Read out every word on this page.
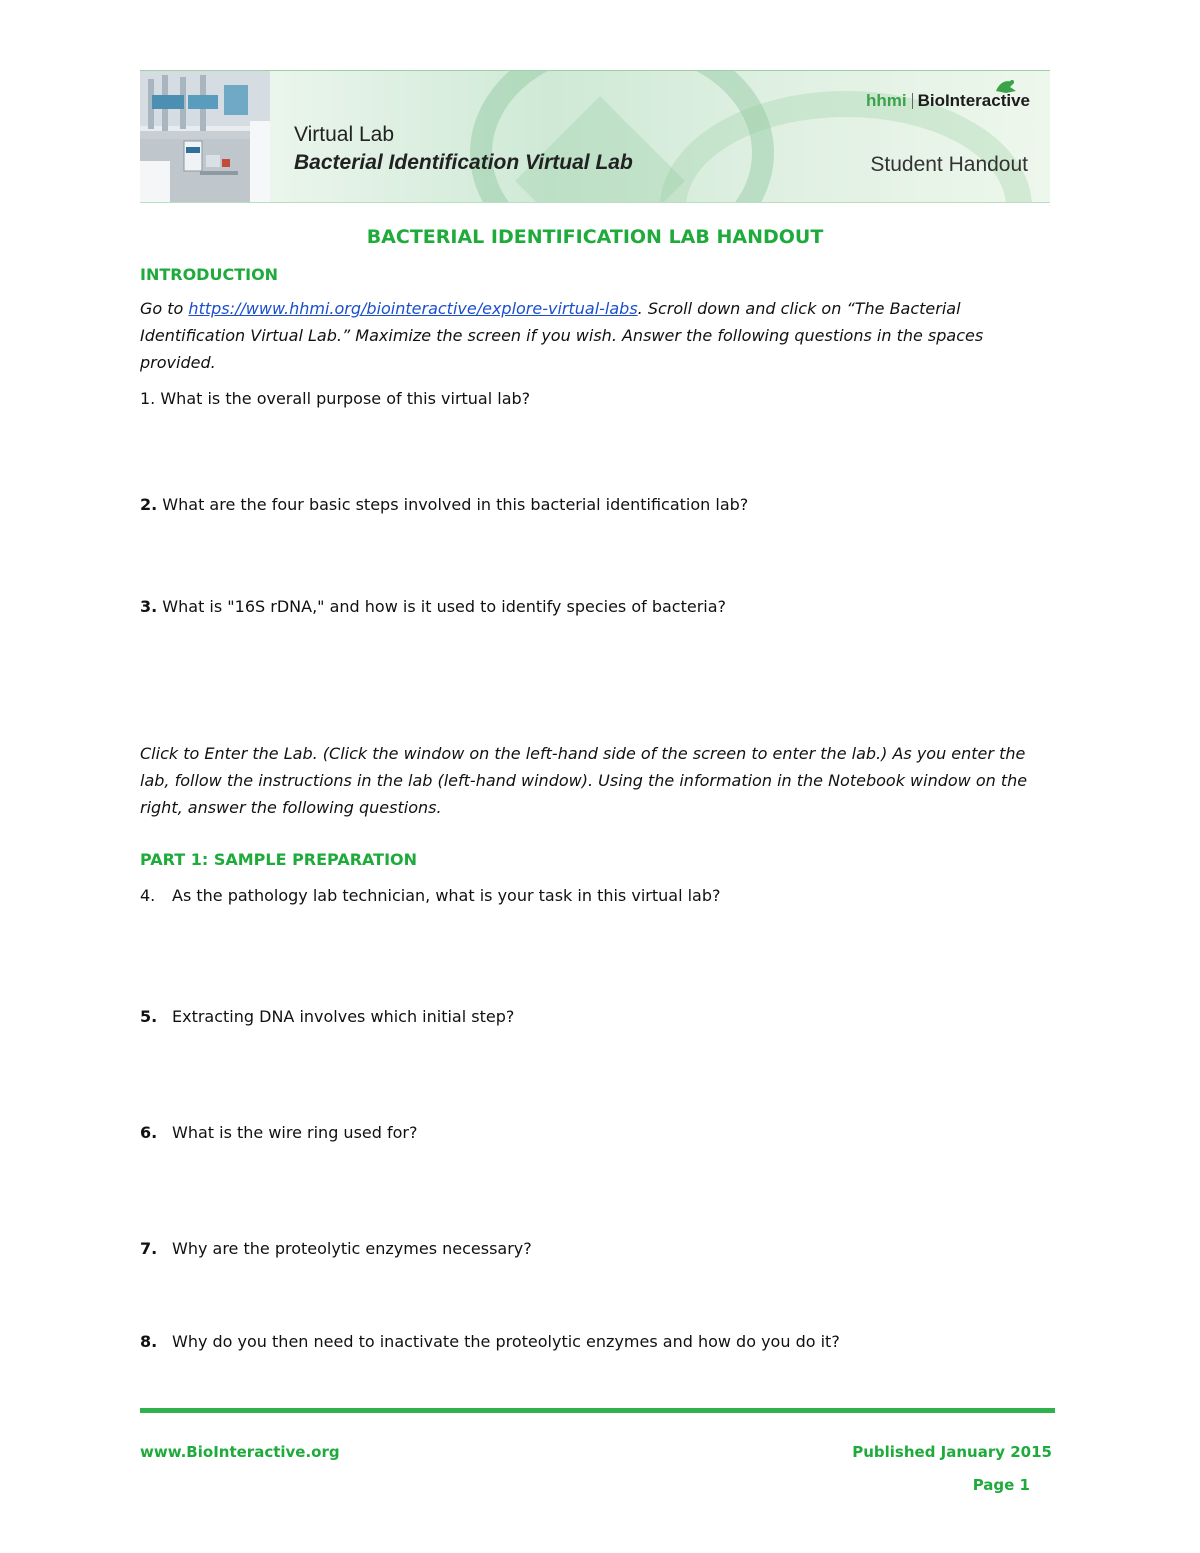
hhmi BioInteractive
Virtual Lab
Bacterial Identification Virtual Lab	Student Handout
BACTERIAL IDENTIFICATION LAB HANDOUT
INTRODUCTION
Go to https://www.hhmi.org/biointeractive/explore-virtual-labs. Scroll down and click on “The Bacterial Identification Virtual Lab.” Maximize the screen if you wish. Answer the following questions in the spaces provided.
1. What is the overall purpose of this virtual lab?
2. What are the four basic steps involved in this bacterial identification lab?
3. What is "16S rDNA," and how is it used to identify species of bacteria?
Click to Enter the Lab. (Click the window on the left-hand side of the screen to enter the lab.) As you enter the lab, follow the instructions in the lab (left-hand window). Using the information in the Notebook window on the right, answer the following questions.
PART 1: SAMPLE PREPARATION
4. As the pathology lab technician, what is your task in this virtual lab?
5. Extracting DNA involves which initial step?
6. What is the wire ring used for?
7. Why are the proteolytic enzymes necessary?
8. Why do you then need to inactivate the proteolytic enzymes and how do you do it?
www.BioInteractive.org	Published January 2015
Page 1
